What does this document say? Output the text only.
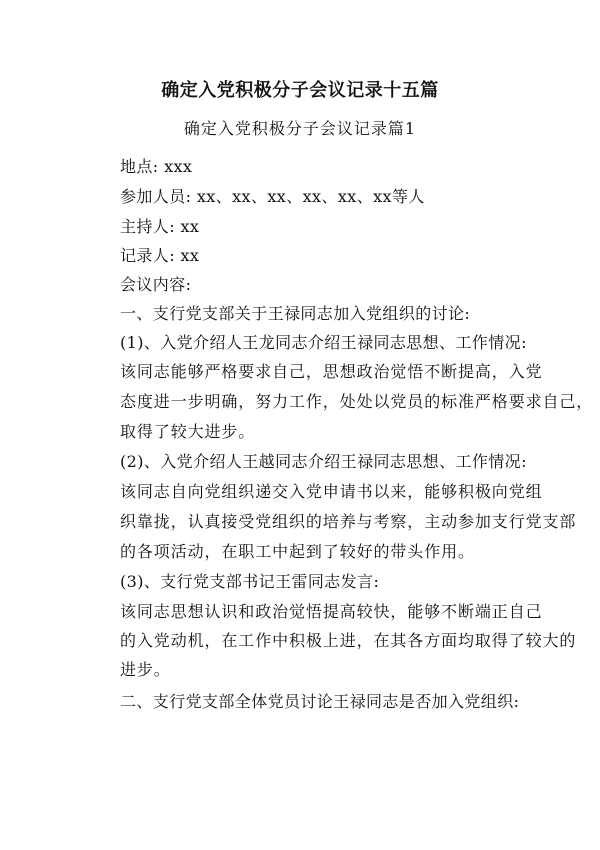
确定入党积极分子会议记录十五篇
确定入党积极分子会议记录篇1
地点: xxx
参加人员: xx、xx、xx、xx、xx、xx等人
主持人: xx
记录人: xx
会议内容:
一、支行党支部关于王禄同志加入党组织的讨论:
(1)、入党介绍人王龙同志介绍王禄同志思想、工作情况:
该同志能够严格要求自己，思想政治觉悟不断提高，入党
态度进一步明确，努力工作，处处以党员的标准严格要求自己，
取得了较大进步。
(2)、入党介绍人王越同志介绍王禄同志思想、工作情况:
该同志自向党组织递交入党申请书以来，能够积极向党组
织靠拢，认真接受党组织的培养与考察，主动参加支行党支部
的各项活动，在职工中起到了较好的带头作用。
(3)、支行党支部书记王雷同志发言:
该同志思想认识和政治觉悟提高较快，能够不断端正自己
的入党动机，在工作中积极上进，在其各方面均取得了较大的
进步。
二、支行党支部全体党员讨论王禄同志是否加入党组织:
